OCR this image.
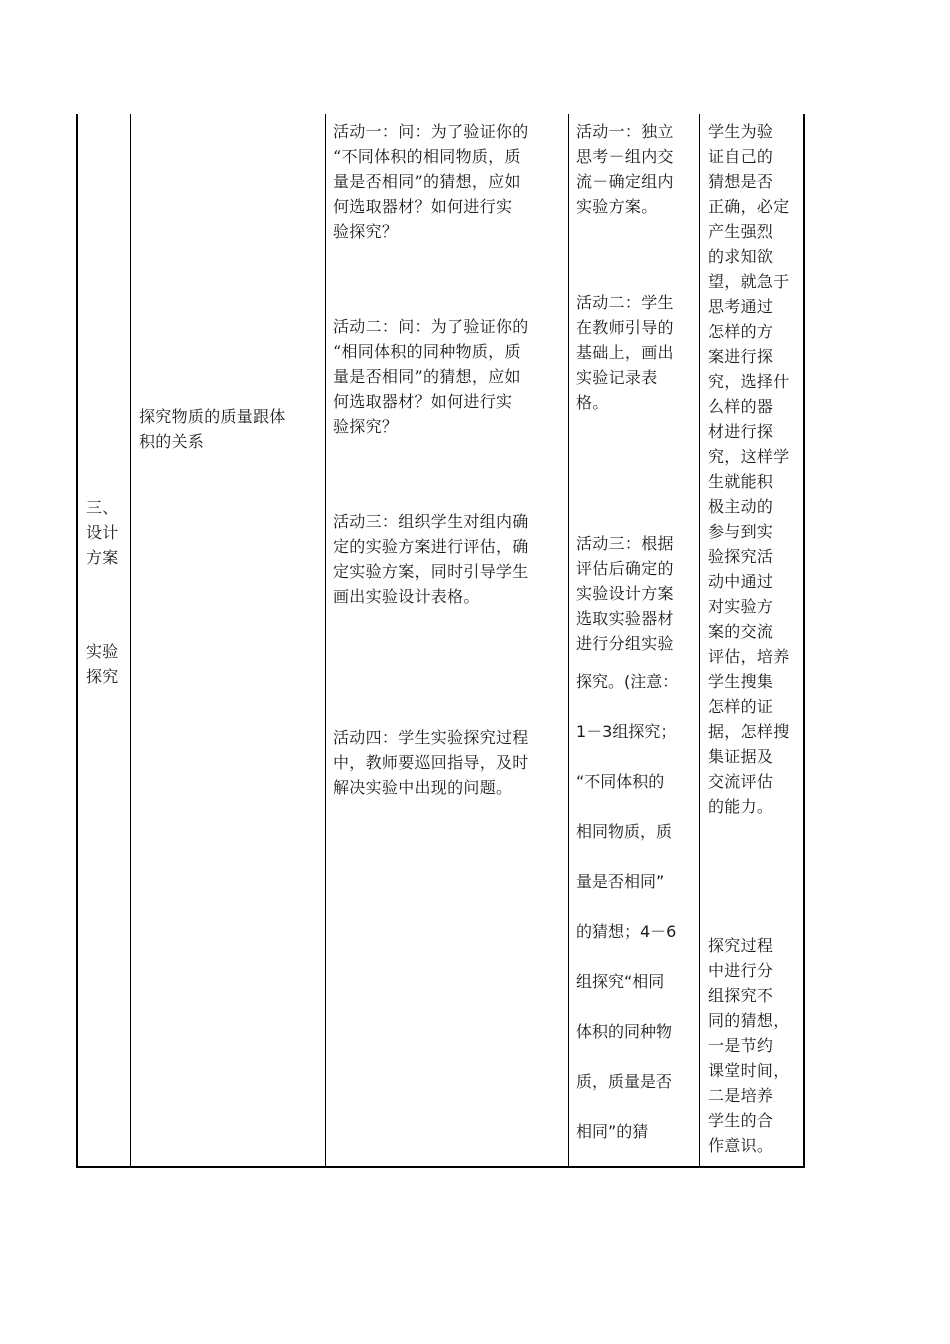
三、
设计
方案
实验
探究
探究物质的质量跟体
积的关系
活动一：问：为了验证你的
“不同体积的相同物质，质
量是否相同”的猜想，应如
何选取器材？如何进行实
验探究？
活动二：问：为了验证你的
“相同体积的同种物质，质
量是否相同”的猜想，应如
何选取器材？如何进行实
验探究？
活动三：组织学生对组内确
定的实验方案进行评估，确
定实验方案，同时引导学生
画出实验设计表格。
活动四：学生实验探究过程
中，教师要巡回指导，及时
解决实验中出现的问题。
活动一：独立
思考－组内交
流－确定组内
实验方案。
活动二：学生
在教师引导的
基础上，画出
实验记录表
格。
活动三：根据
评估后确定的
实验设计方案
选取实验器材
进行分组实验
探究。(注意：
1－3组探究；
“不同体积的
相同物质，质
量是否相同”
的猜想；4－6
组探究“相同
体积的同种物
质，质量是否
相同”的猜
学生为验
证自己的
猜想是否
正确，必定
产生强烈
的求知欲
望，就急于
思考通过
怎样的方
案进行探
究，选择什
么样的器
材进行探
究，这样学
生就能积
极主动的
参与到实
验探究活
动中通过
对实验方
案的交流
评估，培养
学生搜集
怎样的证
据，怎样搜
集证据及
交流评估
的能力。
探究过程
中进行分
组探究不
同的猜想，
一是节约
课堂时间，
二是培养
学生的合
作意识。
